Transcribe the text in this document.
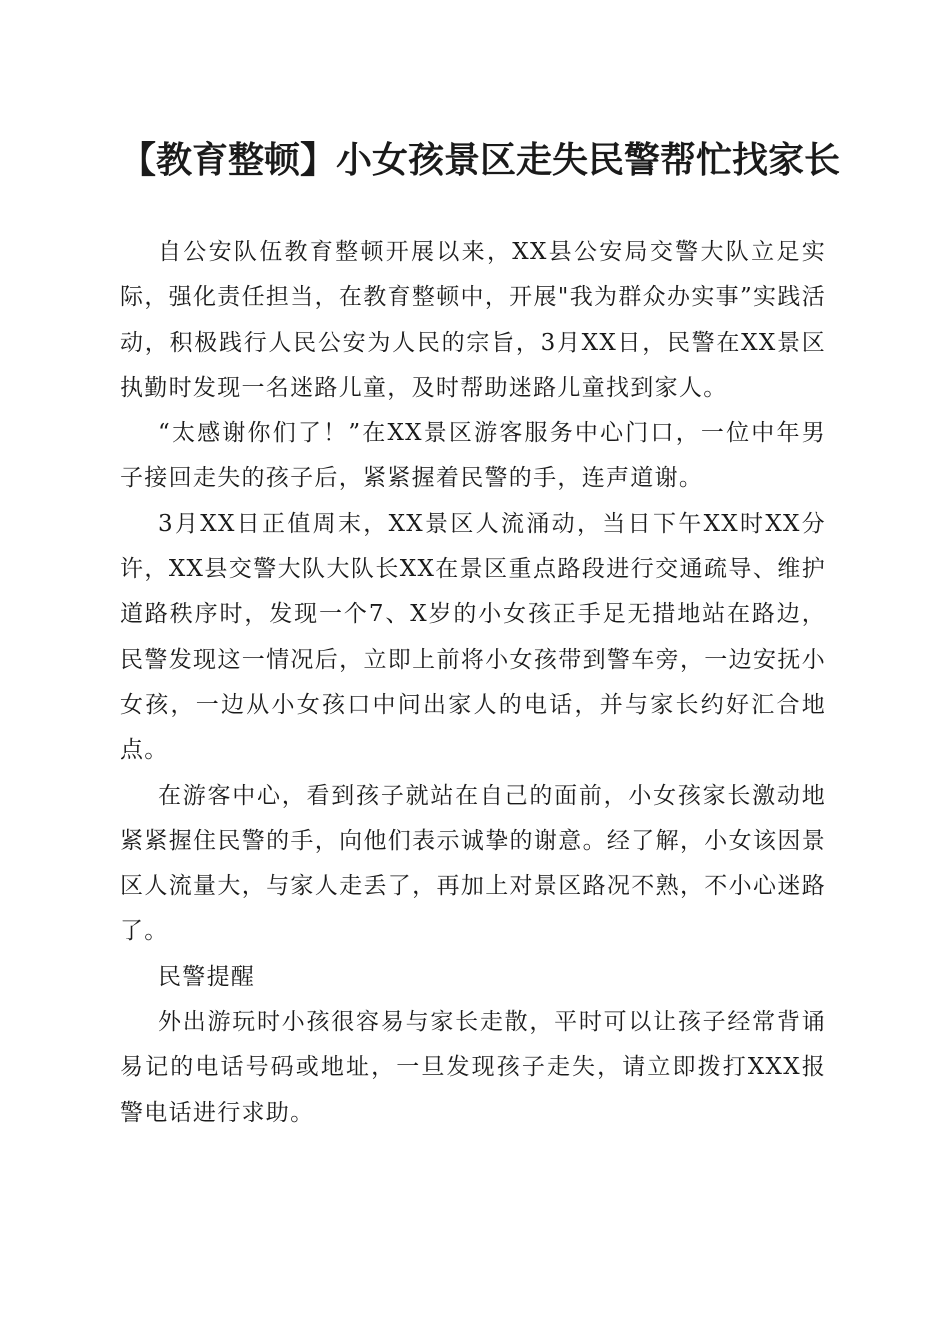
【教育整顿】小女孩景区走失民警帮忙找家长

自公安队伍教育整顿开展以来，XX县公安局交警大队立足实际，强化责任担当，在教育整顿中，开展"我为群众办实事”实践活动，积极践行人民公安为人民的宗旨，3月XX日，民警在XX景区执勤时发现一名迷路儿童，及时帮助迷路儿童找到家人。

“太感谢你们了！”在XX景区游客服务中心门口，一位中年男子接回走失的孩子后，紧紧握着民警的手，连声道谢。

3月XX日正值周末，XX景区人流涌动，当日下午XX时XX分许，XX县交警大队大队长XX在景区重点路段进行交通疏导、维护道路秩序时，发现一个7、X岁的小女孩正手足无措地站在路边，民警发现这一情况后，立即上前将小女孩带到警车旁，一边安抚小女孩，一边从小女孩口中问出家人的电话，并与家长约好汇合地点。

在游客中心，看到孩子就站在自己的面前，小女孩家长激动地紧紧握住民警的手，向他们表示诚挚的谢意。经了解，小女该因景区人流量大，与家人走丢了，再加上对景区路况不熟，不小心迷路了。

民警提醒

外出游玩时小孩很容易与家长走散，平时可以让孩子经常背诵易记的电话号码或地址，一旦发现孩子走失，请立即拨打XXX报警电话进行求助。
